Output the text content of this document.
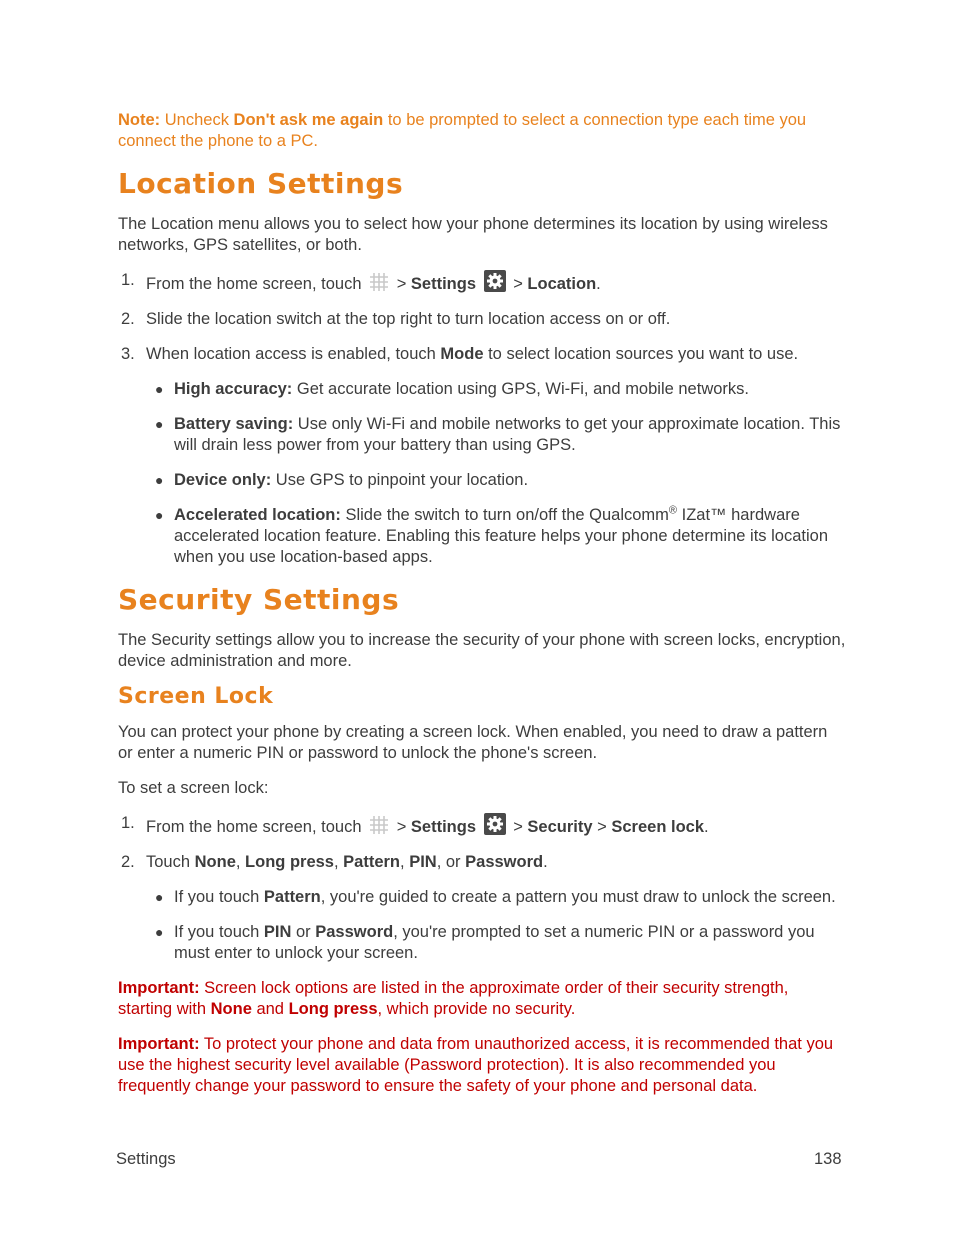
Note: Uncheck Don't ask me again to be prompted to select a connection type each time you connect the phone to a PC.

Location Settings

The Location menu allows you to select how your phone determines its location by using wireless networks, GPS satellites, or both.

1. From the home screen, touch  > Settings  > Location.
2. Slide the location switch at the top right to turn location access on or off.
3. When location access is enabled, touch Mode to select location sources you want to use.
● High accuracy: Get accurate location using GPS, Wi-Fi, and mobile networks.
● Battery saving: Use only Wi-Fi and mobile networks to get your approximate location. This will drain less power from your battery than using GPS.
● Device only: Use GPS to pinpoint your location.
● Accelerated location: Slide the switch to turn on/off the Qualcomm® IZat™ hardware accelerated location feature. Enabling this feature helps your phone determine its location when you use location-based apps.
Security Settings

The Security settings allow you to increase the security of your phone with screen locks, encryption, device administration and more.

Screen Lock

You can protect your phone by creating a screen lock. When enabled, you need to draw a pattern or enter a numeric PIN or password to unlock the phone's screen.

To set a screen lock:

1. From the home screen, touch  > Settings  > Security > Screen lock.
2. Touch None, Long press, Pattern, PIN, or Password.
● If you touch Pattern, you're guided to create a pattern you must draw to unlock the screen.
● If you touch PIN or Password, you're prompted to set a numeric PIN or a password you must enter to unlock your screen.

Important: Screen lock options are listed in the approximate order of their security strength, starting with None and Long press, which provide no security.

Important: To protect your phone and data from unauthorized access, it is recommended that you use the highest security level available (Password protection). It is also recommended you frequently change your password to ensure the safety of your phone and personal data.

Settings	138
